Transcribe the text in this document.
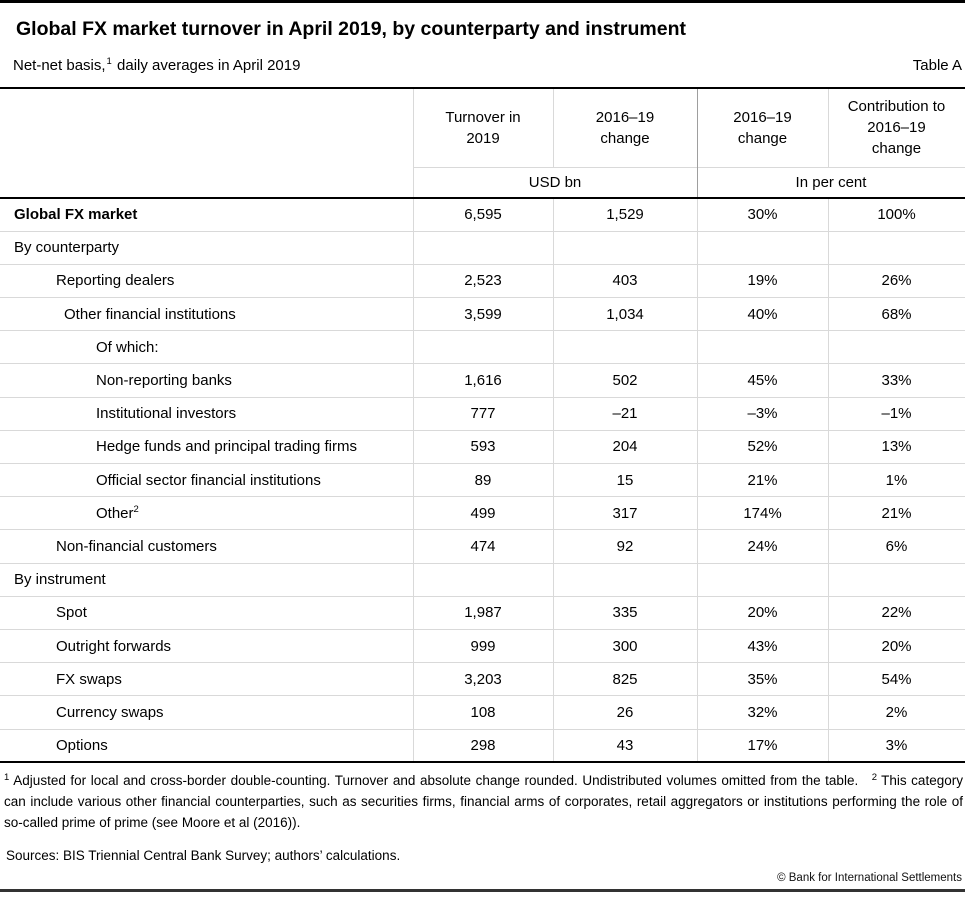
Global FX market turnover in April 2019, by counterparty and instrument
Net-net basis,$^1$ daily averages in April 2019	Table A
	Turnover in 2019	2016–19 change	2016–19 change	Contribution to 2016–19 change
	USD bn		In per cent	
Global FX market	6,595	1,529	30%	100%
By counterparty				
Reporting dealers	2,523	403	19%	26%
Other financial institutions	3,599	1,034	40%	68%
Of which:				
Non-reporting banks	1,616	502	45%	33%
Institutional investors	777	–21	–3%	–1%
Hedge funds and principal trading firms	593	204	52%	13%
Official sector financial institutions	89	15	21%	1%
Other$^2$	499	317	174%	21%
Non-financial customers	474	92	24%	6%
By instrument				
Spot	1,987	335	20%	22%
Outright forwards	999	300	43%	20%
FX swaps	3,203	825	35%	54%
Currency swaps	108	26	32%	2%
Options	298	43	17%	3%

$^1$ Adjusted for local and cross-border double-counting. Turnover and absolute change rounded. Undistributed volumes omitted from the table. $^2$ This category can include various other financial counterparties, such as securities firms, financial arms of corporates, retail aggregators or institutions performing the role of so-called prime of prime (see Moore et al (2016)).

Sources: BIS Triennial Central Bank Survey; authors’ calculations.
© Bank for International Settlements
